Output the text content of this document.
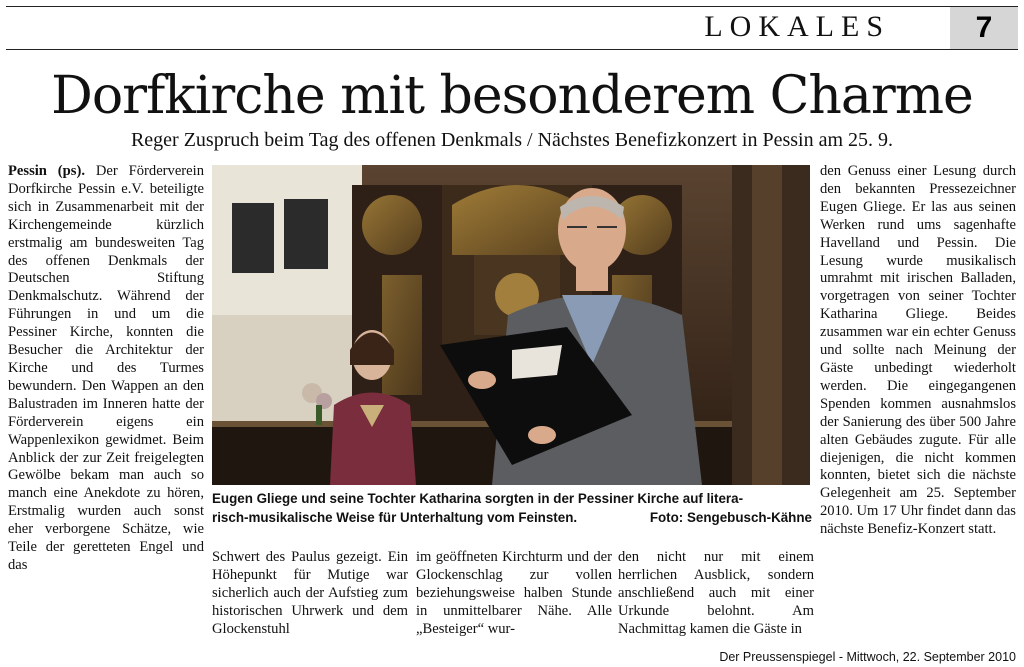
LOKALES	7
Dorfkirche mit besonderem Charme
Reger Zuspruch beim Tag des offenen Denkmals / Nächstes Benefizkonzert in Pessin am 25. 9.
Pessin (ps). Der Förderverein Dorfkirche Pessin e.V. beteiligte sich in Zusammenarbeit mit der Kirchengemeinde kürzlich erstmalig am bundesweiten Tag des offenen Denkmals der Deutschen Stiftung Denkmalschutz. Während der Führungen in und um die Pessiner Kirche, konnten die Besucher die Architektur der Kirche und des Turmes bewundern. Den Wappen an den Balustraden im Inneren hatte der Förderverein eigens ein Wappenlexikon gewidmet. Beim Anblick der zur Zeit freigelegten Gewölbe bekam man auch so manch eine Anekdote zu hören, Erstmalig wurden auch sonst eher verborgene Schätze, wie Teile der geretteten Engel und das
Eugen Gliege und seine Tochter Katharina sorgten in der Pessiner Kirche auf litera-
risch-musikalische Weise für Unterhaltung vom Feinsten.	Foto: Sengebusch-Kähne
Schwert des Paulus gezeigt. Ein Höhepunkt für Mutige war sicherlich auch der Aufstieg zum historischen Uhrwerk und dem Glockenstuhl
im geöffneten Kirchturm und der Glockenschlag zur vollen beziehungsweise halben Stunde in unmittelbarer Nähe. Alle „Besteiger“ wur-
den nicht nur mit einem herrlichen Ausblick, sondern anschließend auch mit einer Urkunde belohnt. Am Nachmittag kamen die Gäste in
den Genuss einer Lesung durch den bekannten Pressezeichner Eugen Gliege. Er las aus seinen Werken rund ums sagenhafte Havelland und Pessin. Die Lesung wurde musikalisch umrahmt mit irischen Balladen, vorgetragen von seiner Tochter Katharina Gliege. Beides zusammen war ein echter Genuss und sollte nach Meinung der Gäste unbedingt wiederholt werden. Die eingegangenen Spenden kommen ausnahmslos der Sanierung des über 500 Jahre alten Gebäudes zugute. Für alle diejenigen, die nicht kommen konnten, bietet sich die nächste Gelegenheit am 25. September 2010. Um 17 Uhr findet dann das nächste Benefiz-Konzert statt.
Der Preussenspiegel - Mittwoch, 22. September 2010
